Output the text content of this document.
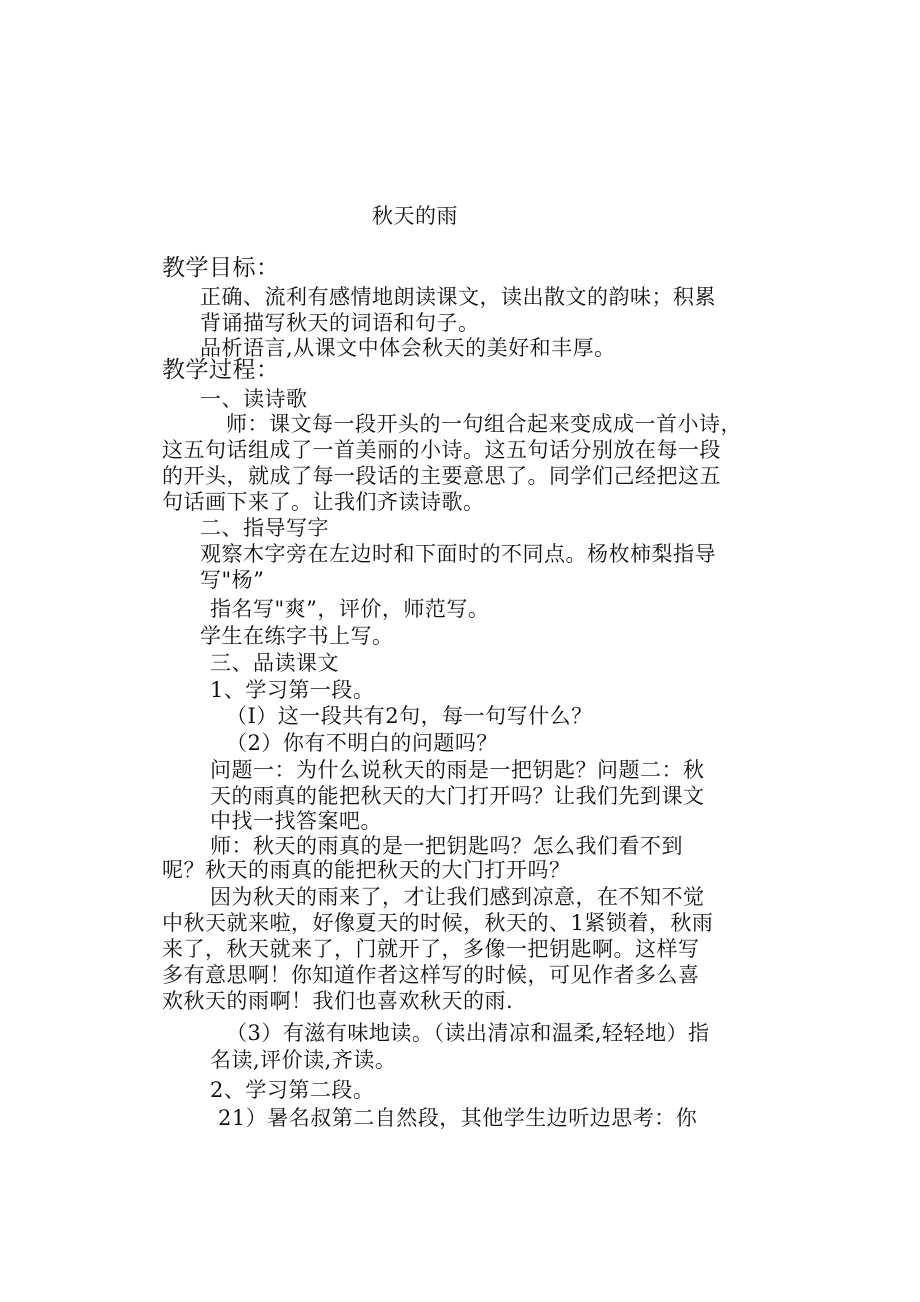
秋天的雨
教学目标：
正确、流利有感情地朗读课文，读出散文的韵味；积累
背诵描写秋天的词语和句子。
品析语言,从课文中体会秋天的美好和丰厚。
教学过程：
一、读诗歌
师：课文每一段开头的一句组合起来变成成一首小诗，
这五句话组成了一首美丽的小诗。这五句话分别放在每一段
的开头，就成了每一段话的主要意思了。同学们己经把这五
句话画下来了。让我们齐读诗歌。
二、指导写字
观察木字旁在左边时和下面时的不同点。杨枚柿梨指导
写"杨”
指名写"爽”，评价，师范写。
学生在练字书上写。
三、品读课文
1、学习第一段。
（I）这一段共有2句，每一句写什么？
（2）你有不明白的问题吗？
问题一：为什么说秋天的雨是一把钥匙？问题二：秋
天的雨真的能把秋天的大门打开吗？让我们先到课文
中找一找答案吧。
师：秋天的雨真的是一把钥匙吗？怎么我们看不到
呢？秋天的雨真的能把秋天的大门打开吗？
因为秋天的雨来了，才让我们感到凉意，在不知不觉
中秋天就来啦，好像夏天的时候，秋天的、1紧锁着，秋雨
来了，秋天就来了，门就开了，多像一把钥匙啊。这样写
多有意思啊！你知道作者这样写的时候，可见作者多么喜
欢秋天的雨啊！我们也喜欢秋天的雨.
（3）有滋有味地读。（读出清凉和温柔,轻轻地）指
名读,评价读,齐读。
2、学习第二段。
21）暑名叔第二自然段，其他学生边听边思考：你
